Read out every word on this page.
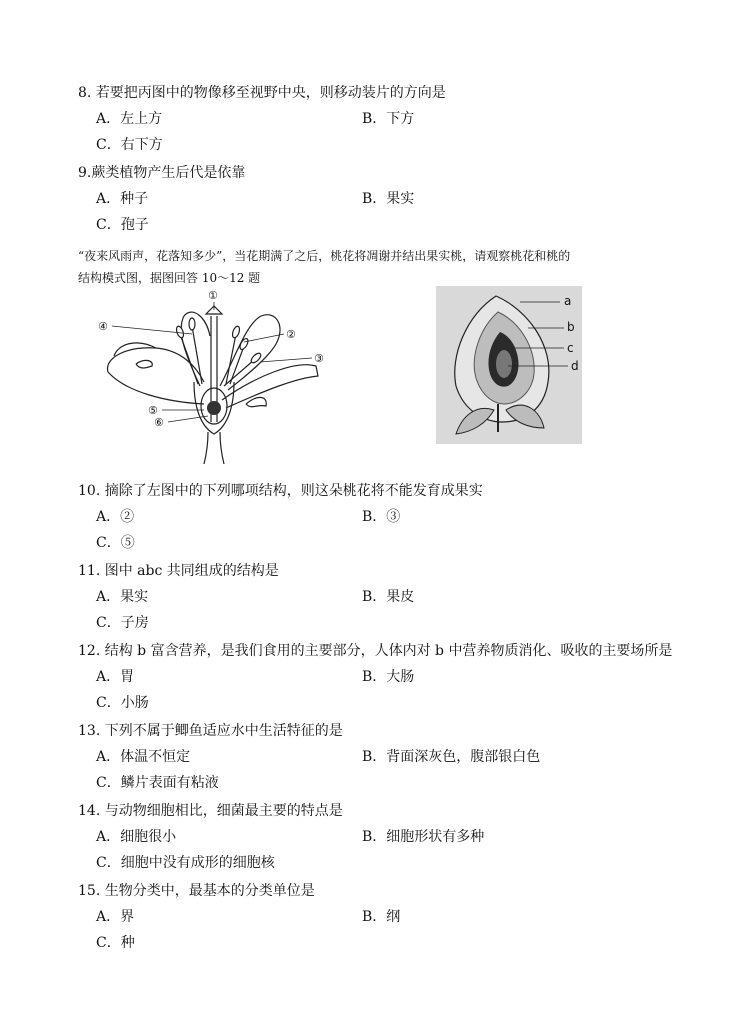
8. 若要把丙图中的物像移至视野中央，则移动装片的方向是
A．左上方	B．下方
C．右下方
9.蕨类植物产生后代是依靠
A．种子	B．果实
C．孢子
“夜来风雨声，花落知多少”，当花期满了之后，桃花将凋谢并结出果实桃，请观察桃花和桃的
结构模式图，据图回答 10～12 题
①
④
②
③
⑤
⑥
a
b
c
d
10. 摘除了左图中的下列哪项结构，则这朵桃花将不能发育成果实
A．②	B．③
C．⑤
11. 图中 abc 共同组成的结构是
A．果实	B．果皮
C．子房
12. 结构 b 富含营养，是我们食用的主要部分，人体内对 b 中营养物质消化、吸收的主要场所是
A．胃	B．大肠
C．小肠
13. 下列不属于鲫鱼适应水中生活特征的是
A．体温不恒定	B．背面深灰色，腹部银白色
C．鳞片表面有粘液
14. 与动物细胞相比，细菌最主要的特点是
A．细胞很小	B．细胞形状有多种
C．细胞中没有成形的细胞核
15. 生物分类中，最基本的分类单位是
A．界	B．纲
C．种
